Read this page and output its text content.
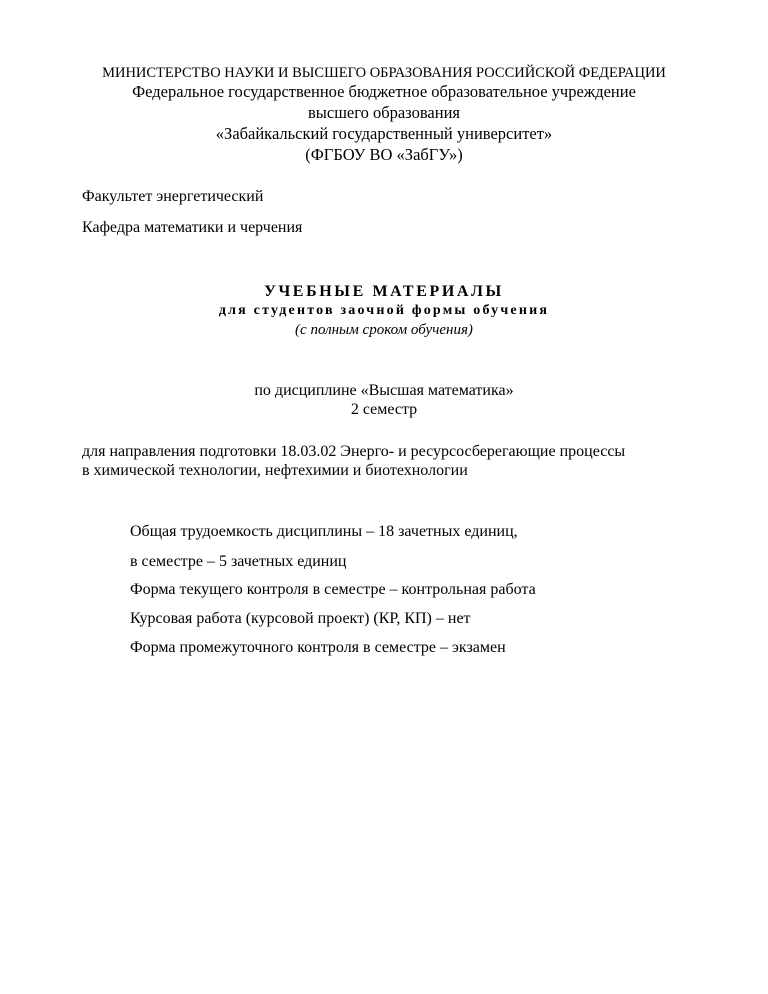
МИНИСТЕРСТВО НАУКИ И ВЫСШЕГО ОБРАЗОВАНИЯ РОССИЙСКОЙ ФЕДЕРАЦИИ
Федеральное государственное бюджетное образовательное учреждение
высшего образования
«Забайкальский государственный университет»
(ФГБОУ ВО «ЗабГУ»)
Факультет энергетический
Кафедра математики и черчения
УЧЕБНЫЕ МАТЕРИАЛЫ
для студентов заочной формы обучения
(с полным сроком обучения)
по дисциплине «Высшая математика»
2 семестр
для направления подготовки 18.03.02 Энерго- и ресурсосберегающие процессы
в химической технологии, нефтехимии и биотехнологии
Общая трудоемкость дисциплины – 18 зачетных единиц,
в семестре – 5 зачетных единиц
Форма текущего контроля в семестре – контрольная работа
Курсовая работа (курсовой проект) (КР, КП) – нет
Форма промежуточного контроля в семестре – экзамен
